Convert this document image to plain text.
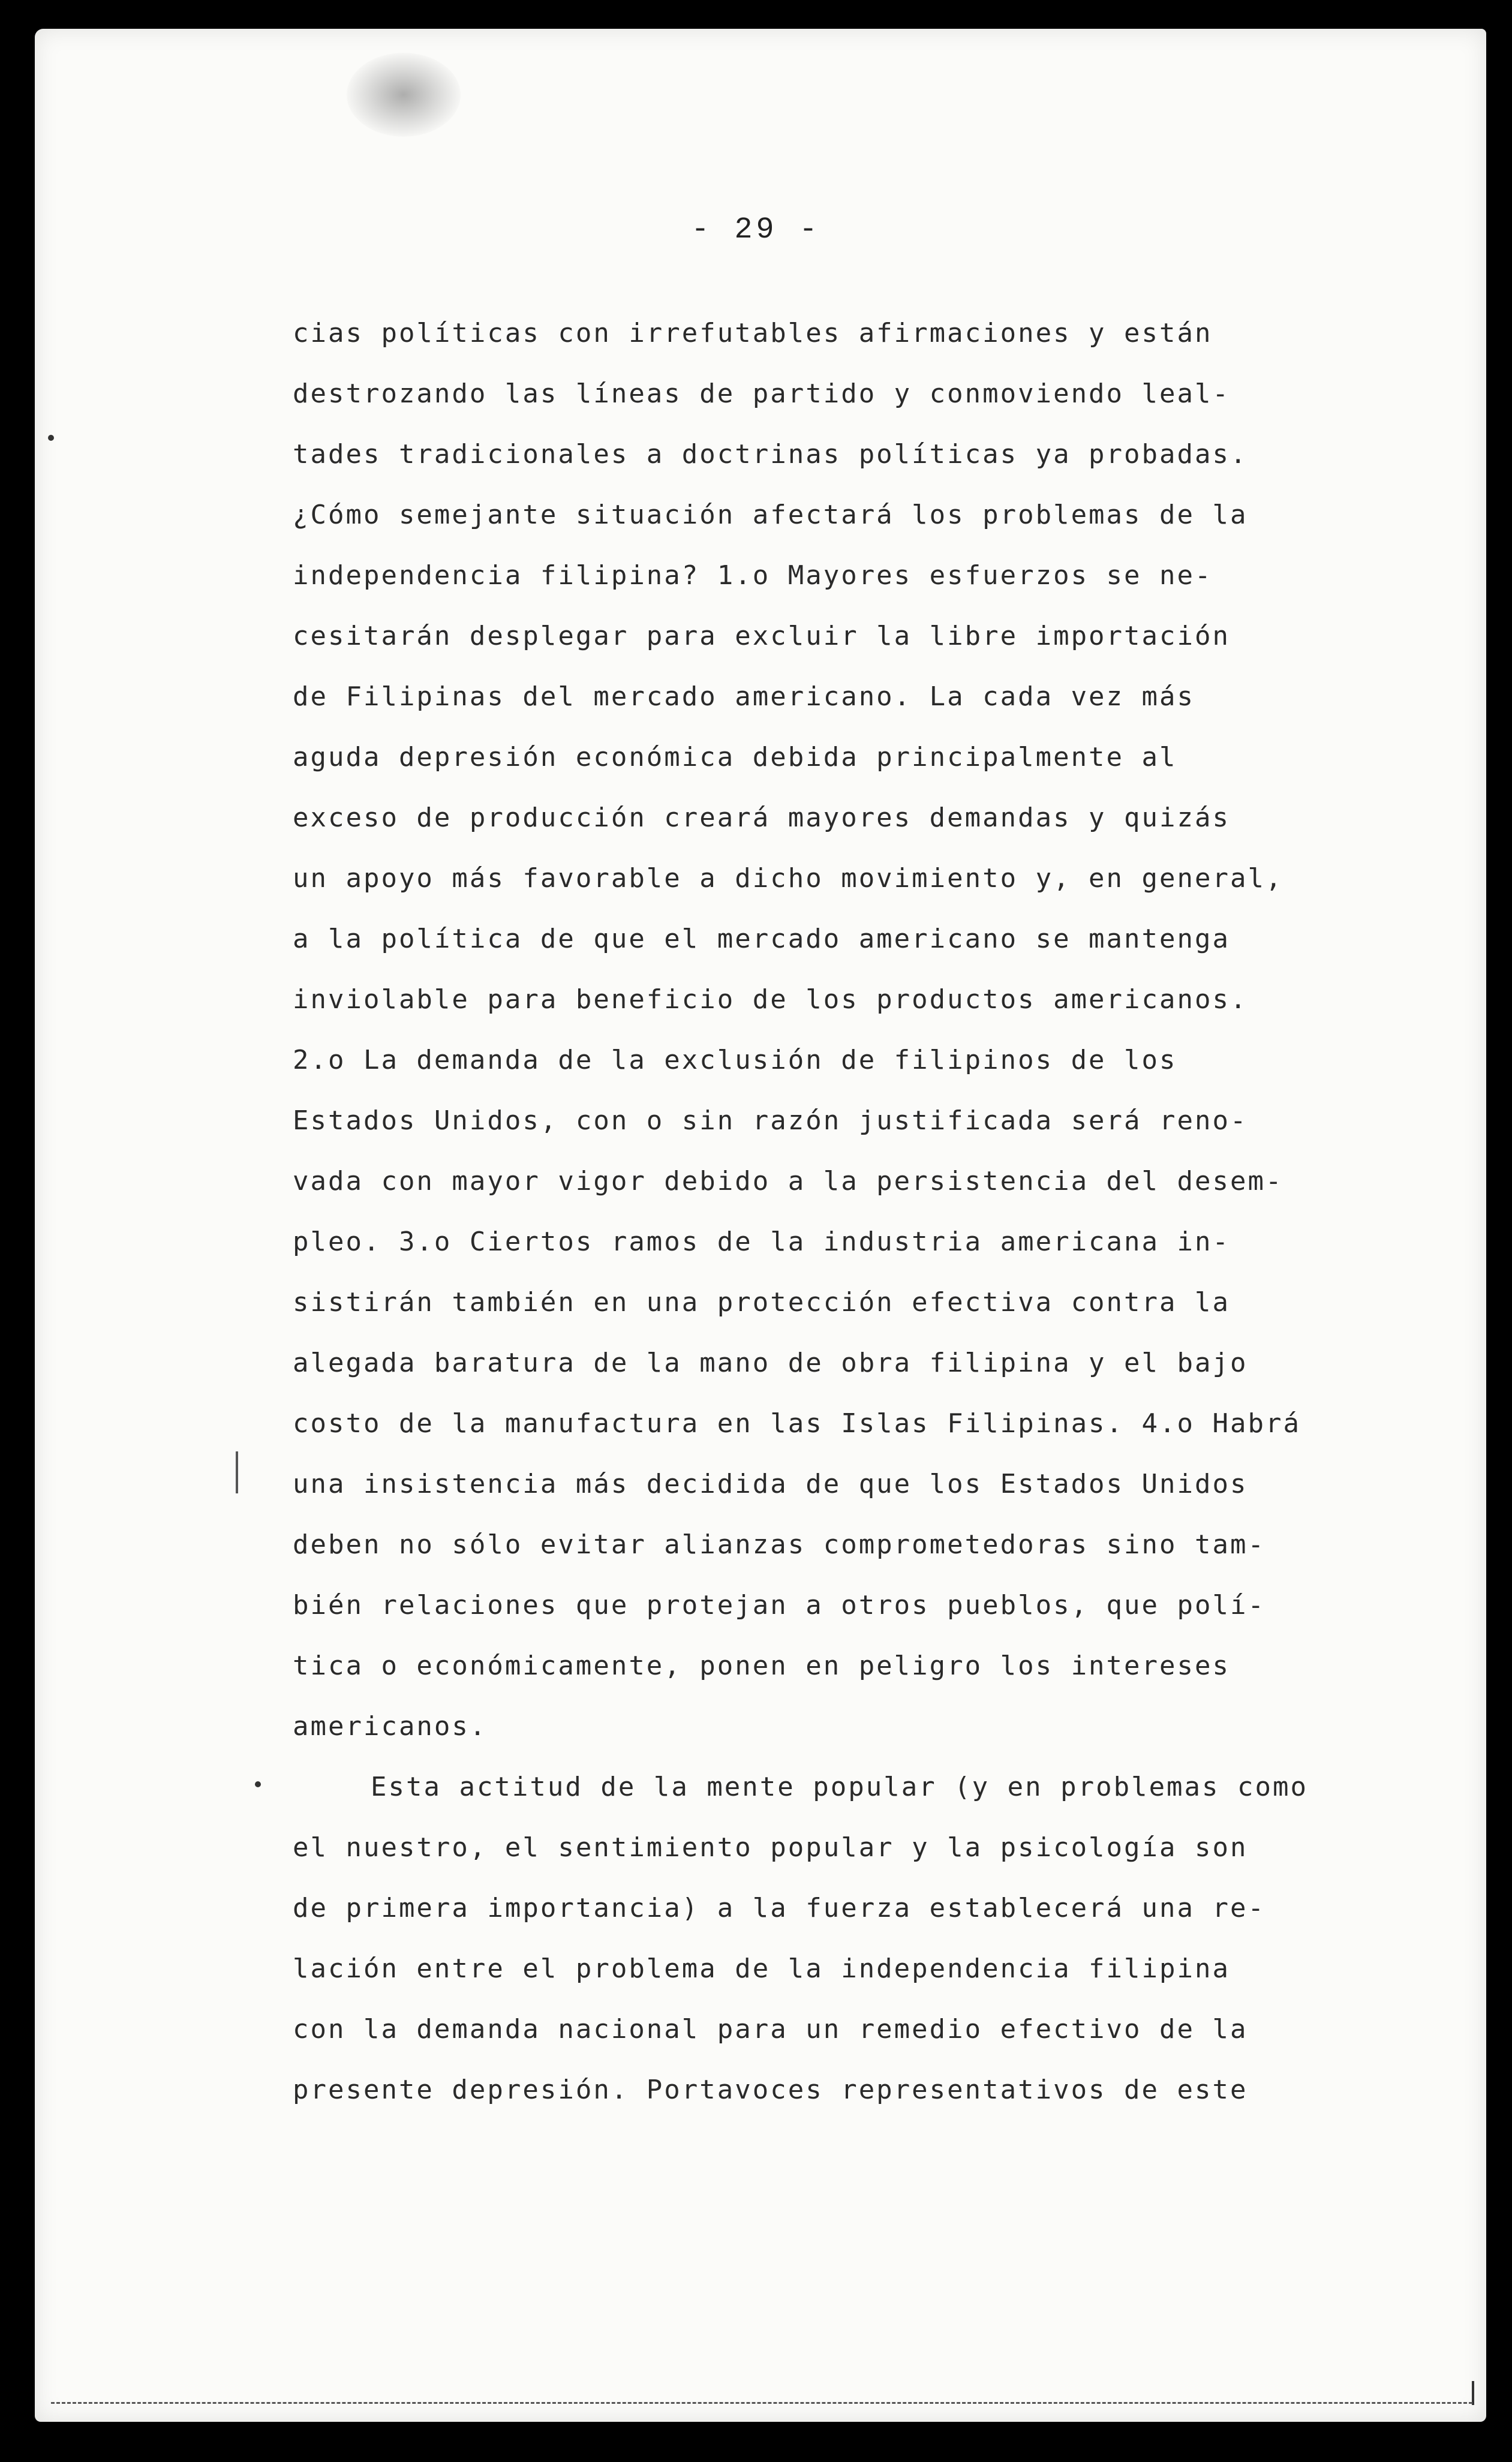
- 29 -
cias políticas con irrefutables afirmaciones y están
destrozando las líneas de partido y conmoviendo leal-
tades tradicionales a doctrinas políticas ya probadas.
¿Cómo semejante situación afectará los problemas de la
independencia filipina? 1.o Mayores esfuerzos se ne-
cesitarán desplegar para excluir la libre importación
de Filipinas del mercado americano. La cada vez más
aguda depresión económica debida principalmente al
exceso de producción creará mayores demandas y quizás
un apoyo más favorable a dicho movimiento y, en general,
a la política de que el mercado americano se mantenga
inviolable para beneficio de los productos americanos.
2.o La demanda de la exclusión de filipinos de los
Estados Unidos, con o sin razón justificada será reno-
vada con mayor vigor debido a la persistencia del desem-
pleo. 3.o Ciertos ramos de la industria americana in-
sistirán también en una protección efectiva contra la
alegada baratura de la mano de obra filipina y el bajo
costo de la manufactura en las Islas Filipinas. 4.o Habrá
una insistencia más decidida de que los Estados Unidos
deben no sólo evitar alianzas comprometedoras sino tam-
bién relaciones que protejan a otros pueblos, que polí-
tica o económicamente, ponen en peligro los intereses
americanos.
Esta actitud de la mente popular (y en problemas como
el nuestro, el sentimiento popular y la psicología son
de primera importancia) a la fuerza establecerá una re-
lación entre el problema de la independencia filipina
con la demanda nacional para un remedio efectivo de la
presente depresión. Portavoces representativos de este
